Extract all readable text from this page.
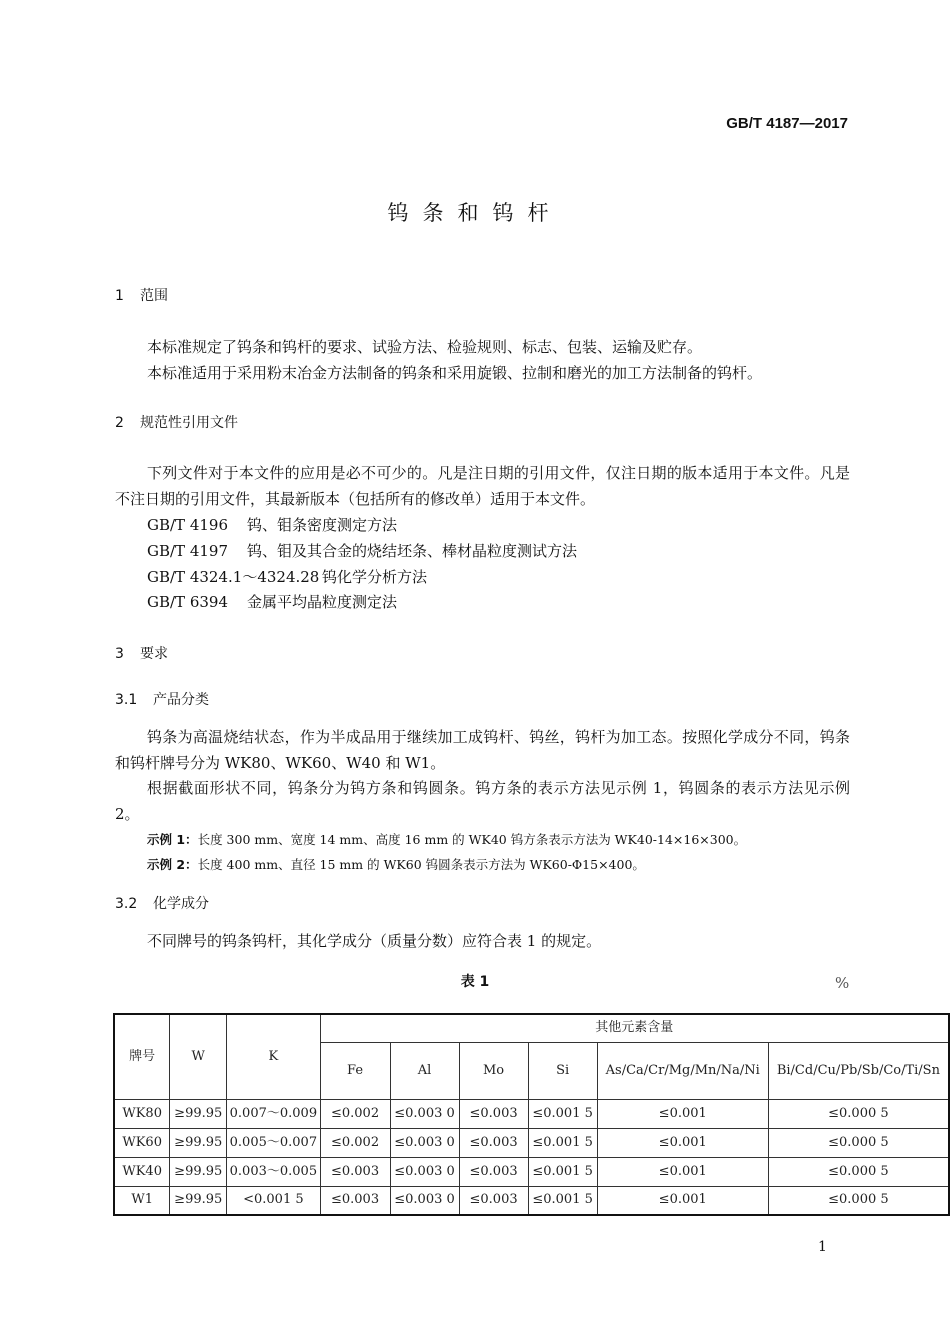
GB/T 4187—2017
钨条和钨杆
1 范围
本标准规定了钨条和钨杆的要求、试验方法、检验规则、标志、包装、运输及贮存。
本标准适用于采用粉末冶金方法制备的钨条和采用旋锻、拉制和磨光的加工方法制备的钨杆。
2 规范性引用文件
下列文件对于本文件的应用是必不可少的。凡是注日期的引用文件，仅注日期的版本适用于本文件。凡是不注日期的引用文件，其最新版本（包括所有的修改单）适用于本文件。
GB/T 4196 钨、钼条密度测定方法
GB/T 4197 钨、钼及其合金的烧结坯条、棒材晶粒度测试方法
GB/T 4324.1～4324.28 钨化学分析方法
GB/T 6394 金属平均晶粒度测定法
3 要求
3.1 产品分类
钨条为高温烧结状态，作为半成品用于继续加工成钨杆、钨丝，钨杆为加工态。按照化学成分不同，钨条和钨杆牌号分为 WK80、WK60、W40 和 W1。
根据截面形状不同，钨条分为钨方条和钨圆条。钨方条的表示方法见示例 1，钨圆条的表示方法见示例 2。
示例 1：长度 300 mm、宽度 14 mm、高度 16 mm 的 WK40 钨方条表示方法为 WK40-14×16×300。
示例 2：长度 400 mm、直径 15 mm 的 WK60 钨圆条表示方法为 WK60-Φ15×400。
3.2 化学成分
不同牌号的钨条钨杆，其化学成分（质量分数）应符合表 1 的规定。
表 1	%
牌号	W	K	其他元素含量					
			Fe	Al	Mo	Si	As/Ca/Cr/Mg/Mn/Na/Ni	Bi/Cd/Cu/Pb/Sb/Co/Ti/Sn
WK80	≥99.95	0.007～0.009	≤0.002	≤0.003 0	≤0.003	≤0.001 5	≤0.001	≤0.000 5
WK60	≥99.95	0.005～0.007	≤0.002	≤0.003 0	≤0.003	≤0.001 5	≤0.001	≤0.000 5
WK40	≥99.95	0.003～0.005	≤0.003	≤0.003 0	≤0.003	≤0.001 5	≤0.001	≤0.000 5
W1	≥99.95	<0.001 5	≤0.003	≤0.003 0	≤0.003	≤0.001 5	≤0.001	≤0.000 5
1
